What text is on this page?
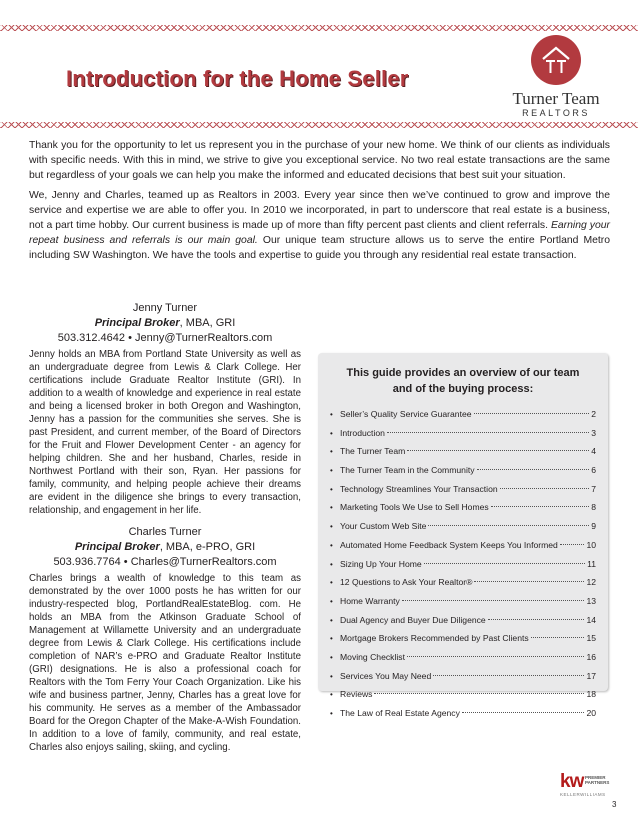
Introduction for the Home Seller
Turner Team
REALTORS

Thank you for the opportunity to let us represent you in the purchase of your new home. We think of our clients as individuals with specific needs. With this in mind, we strive to give you exceptional service. No two real estate transactions are the same but regardless of your goals we can help you make the informed and educated decisions that best suit your situation.

We, Jenny and Charles, teamed up as Realtors in 2003. Every year since then we’ve continued to grow and improve the service and expertise we are able to offer you. In 2010 we incorporated, in part to underscore that real estate is a business, not a part time hobby. Our current business is made up of more than fifty percent past clients and client referrals. Earning your repeat business and referrals is our main goal. Our unique team structure allows us to serve the entire Portland Metro including SW Washington. We have the tools and expertise to guide you through any residential real estate transaction.

Jenny Turner
Principal Broker, MBA, GRI
503.312.4642 • Jenny@TurnerRealtors.com

Jenny holds an MBA from Portland State University as well as an undergraduate degree from Lewis & Clark College. Her certifications include Graduate Realtor Institute (GRI). In addition to a wealth of knowledge and experience in real estate and being a licensed broker in both Oregon and Washington, Jenny has a passion for the communities she serves. She is past President, and current member, of the Board of Directors for the Fruit and Flower Development Center - an agency for helping children. She and her husband, Charles, reside in Northwest Portland with their son, Ryan. Her passions for family, community, and helping people achieve their dreams are evident in the diligence she brings to every transaction, relationship, and engagement in her life.

Charles Turner
Principal Broker, MBA, e-PRO, GRI
503.936.7764 • Charles@TurnerRealtors.com

Charles brings a wealth of knowledge to this team as demonstrated by the over 1000 posts he has written for our industry-respected blog, PortlandRealEstateBlog. com. He holds an MBA from the Atkinson Graduate School of Management at Willamette University and an undergraduate degree from Lewis & Clark College. His certifications include completion of NAR’s e-PRO and Graduate Realtor Institute (GRI) designations. He is also a professional coach for Realtors with the Tom Ferry Your Coach Organization. Like his wife and business partner, Jenny, Charles has a great love for his community. He serves as a member of the Ambassador Board for the Oregon Chapter of the Make-A-Wish Foundation. In addition to a love of family, community, and real estate, Charles also enjoys sailing, skiing, and cycling.

This guide provides an overview of our team and of the buying process:
• Seller’s Quality Service Guarantee	2
• Introduction	3
• The Turner Team	4
• The Turner Team in the Community	6
• Technology Streamlines Your Transaction	7
• Marketing Tools We Use to Sell Homes	8
• Your Custom Web Site	9
• Automated Home Feedback System Keeps You Informed	10
• Sizing Up Your Home	11
• 12 Questions to Ask Your Realtor®	12
• Home Warranty	13
• Dual Agency and Buyer Due Diligence	14
• Mortgage Brokers Recommended by Past Clients	15
• Moving Checklist	16
• Services You May Need	17
• Reviews	18
• The Law of Real Estate Agency	20
kw PREMIER
PARTNERS
KELLERWILLIAMS
3
